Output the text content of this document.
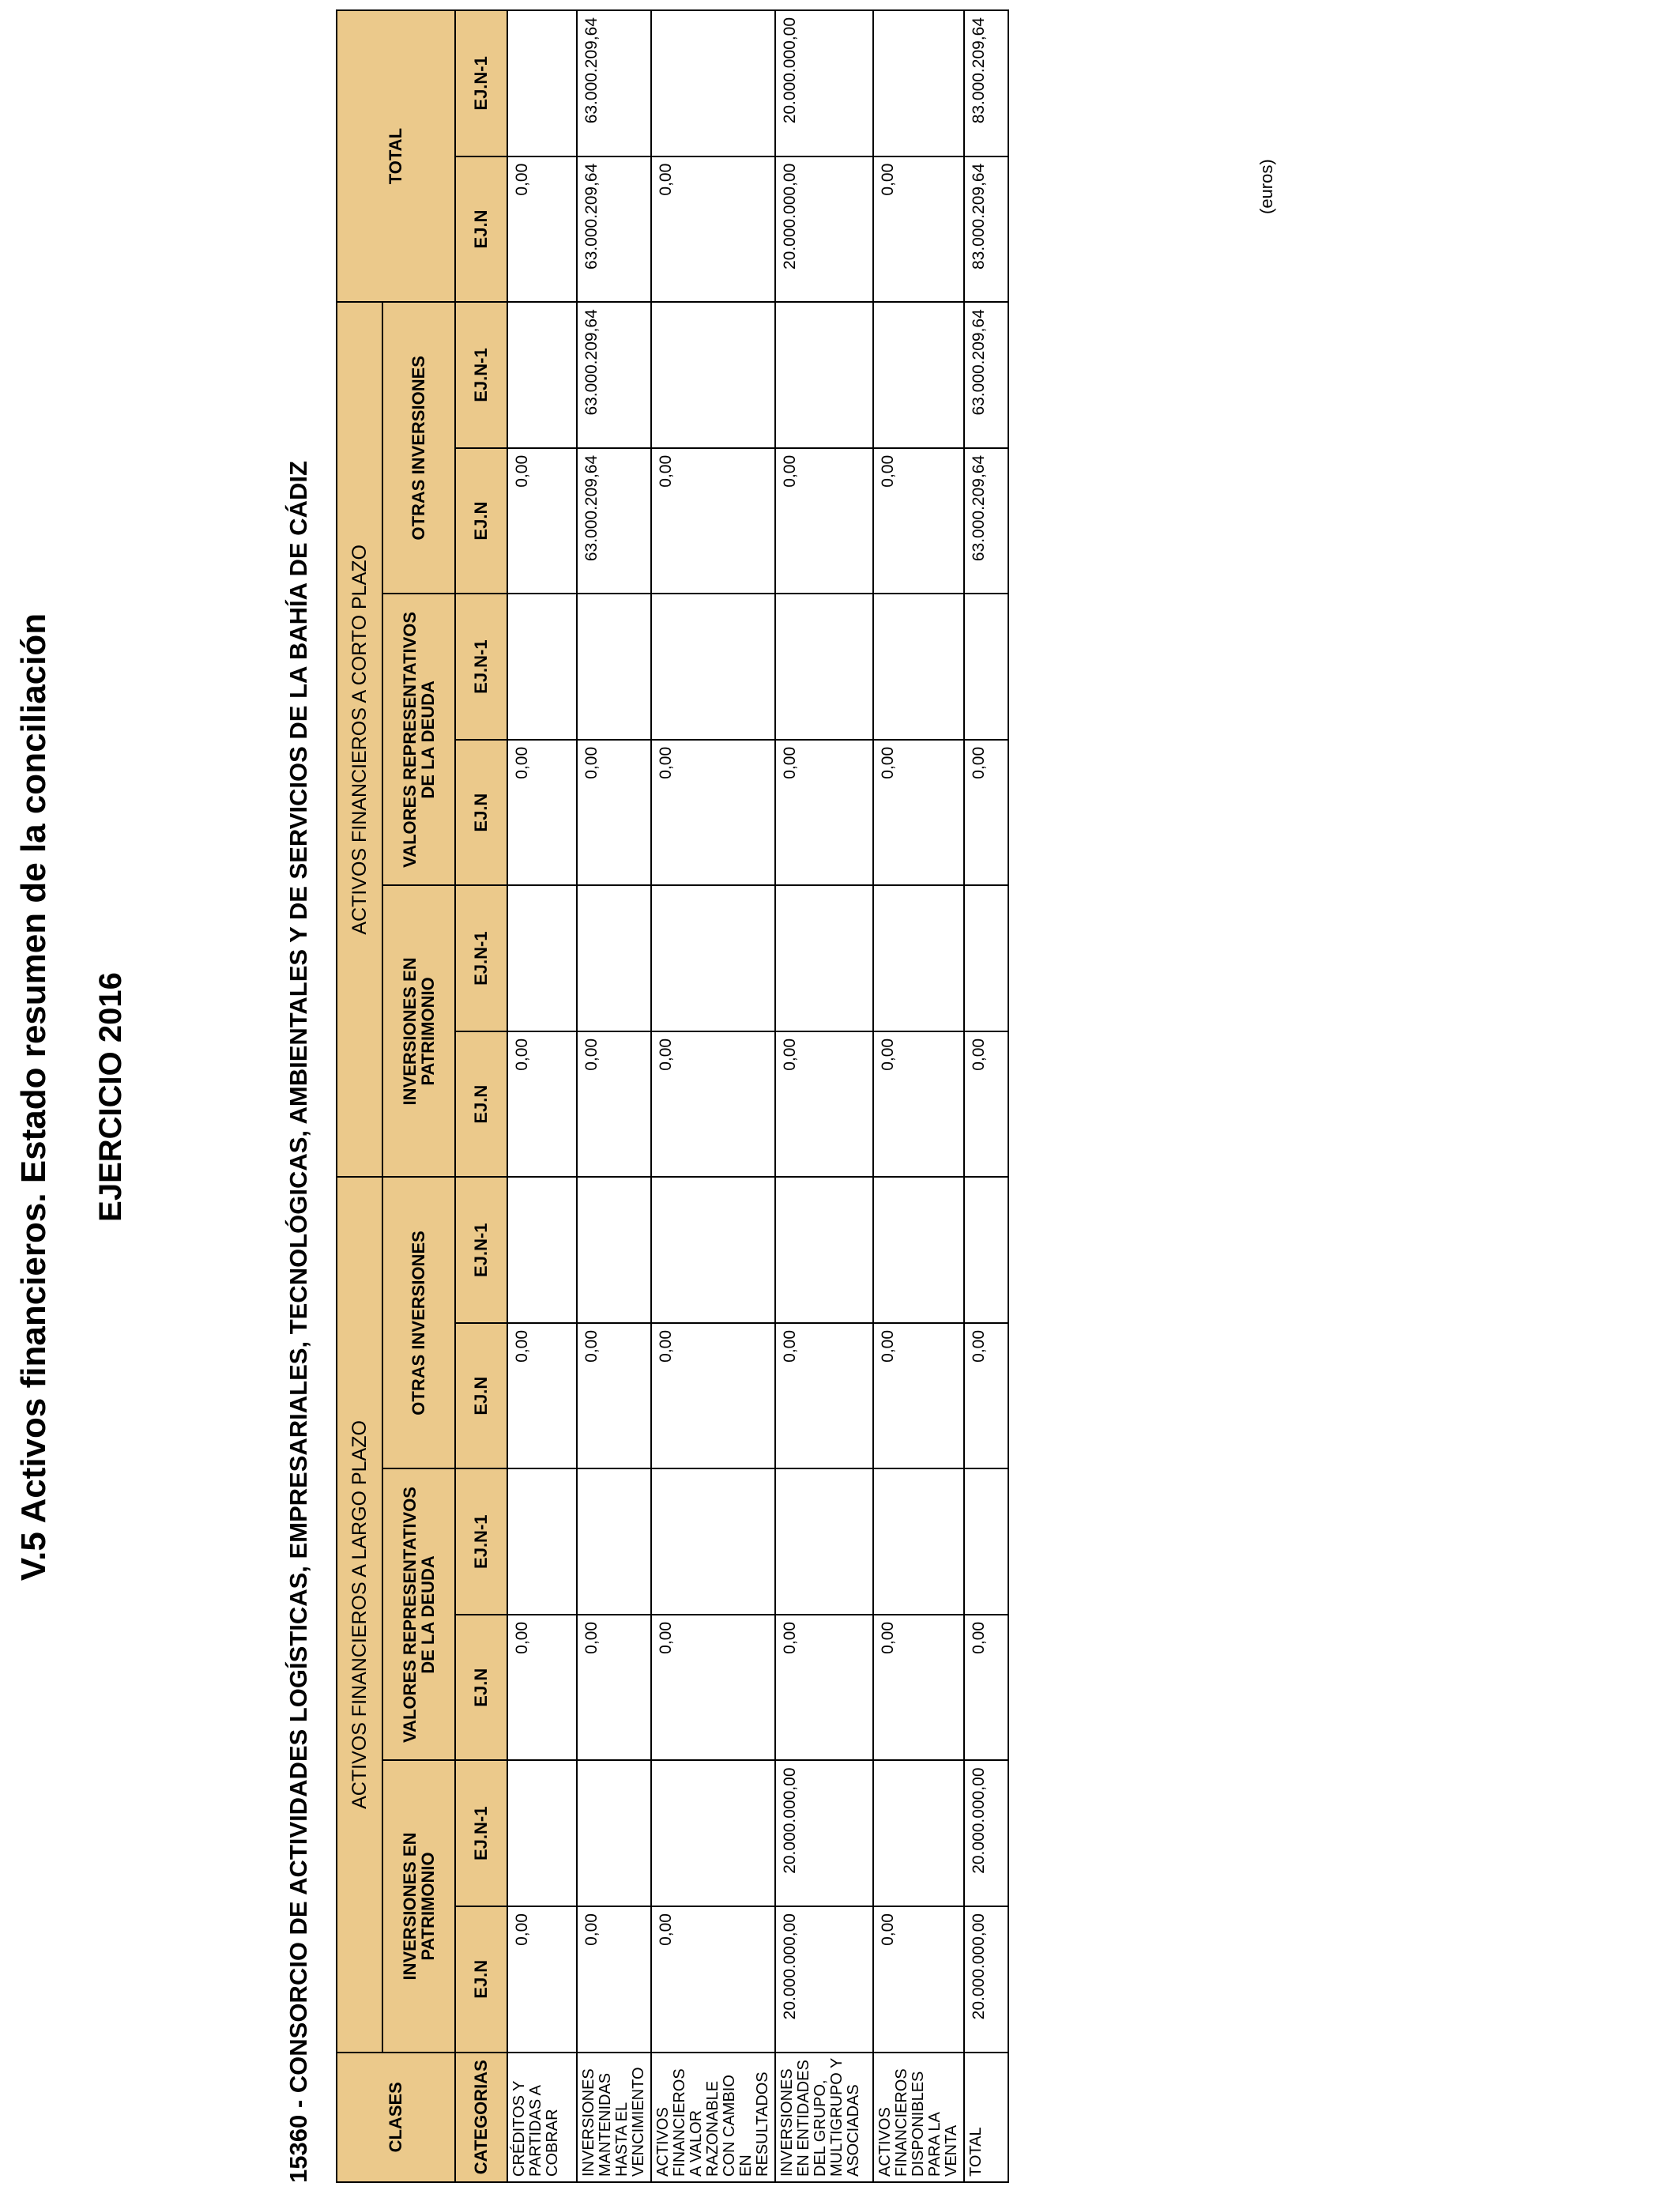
V.5 Activos financieros. Estado resumen de la conciliación EJERCICIO 2016	15360 - CONSORCIO DE ACTIVIDADES LOGÍSTICAS, EMPRESARIALES, TECNOLÓGICAS, AMBIENTALES Y DE SERVICIOS DE LA BAHÍA DE CÁDIZ
(euros)
CLASES	ACTIVOS FINANCIEROS A LARGO PLAZO						ACTIVOS FINANCIEROS A CORTO PLAZO						TOTAL	
	INVERSIONES EN PATRIMONIO		VALORES REPRESENTATIVOS DE LA DEUDA		OTRAS INVERSIONES		INVERSIONES EN PATRIMONIO		VALORES REPRESENTATIVOS DE LA DEUDA		OTRAS INVERSIONES			
CATEGORIAS	EJ.N	EJ.N-1	EJ.N	EJ.N-1	EJ.N	EJ.N-1	EJ.N	EJ.N-1	EJ.N	EJ.N-1	EJ.N	EJ.N-1	EJ.N	EJ.N-1
CRÉDITOS Y PARTIDAS A COBRAR	0,00		0,00		0,00		0,00		0,00		0,00		0,00	
INVERSIONES MANTENIDAS HASTA EL VENCIMIENTO	0,00		0,00		0,00		0,00		0,00		63.000.209,64	63.000.209,64	63.000.209,64	63.000.209,64
ACTIVOS FINANCIEROS A VALOR RAZONABLE CON CAMBIO EN RESULTADOS	0,00		0,00		0,00		0,00		0,00		0,00		0,00	
INVERSIONES EN ENTIDADES DEL GRUPO, MULTIGRUPO Y ASOCIADAS	20.000.000,00	20.000.000,00	0,00		0,00		0,00		0,00		0,00		20.000.000,00	20.000.000,00
ACTIVOS FINANCIEROS DISPONIBLES PARA LA VENTA	0,00		0,00		0,00		0,00		0,00		0,00		0,00	
TOTAL	20.000.000,00	20.000.000,00	0,00		0,00		0,00		0,00		63.000.209,64	63.000.209,64	83.000.209,64	83.000.209,64
